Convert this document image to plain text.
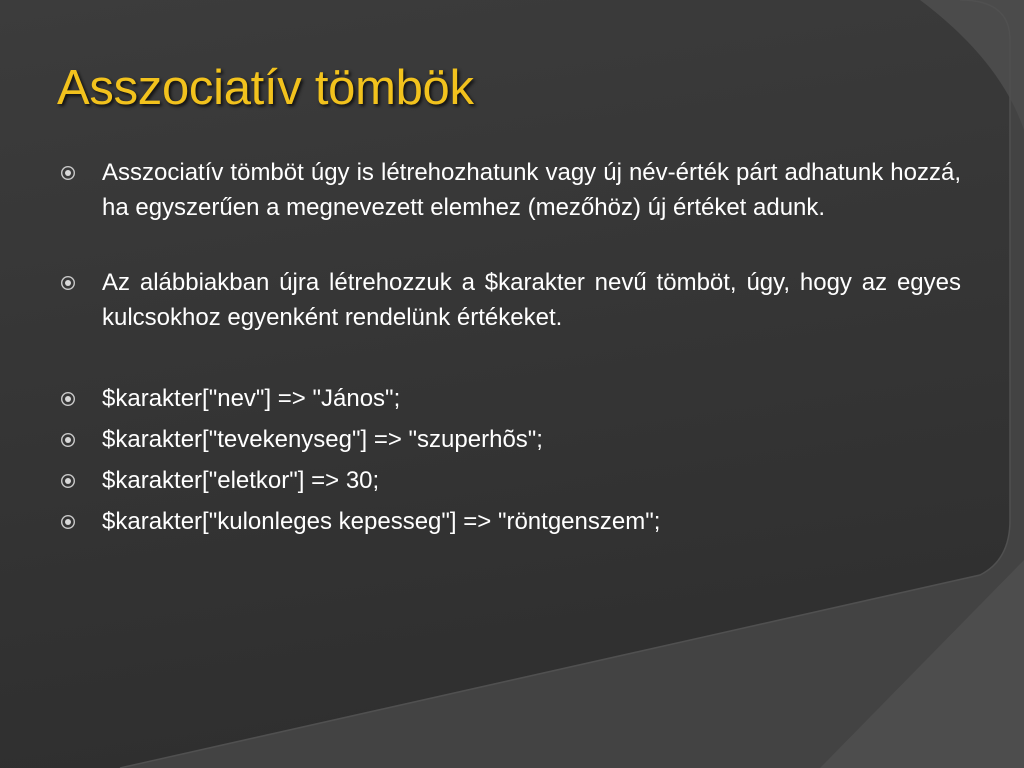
Asszociatív tömbök
Asszociatív tömböt úgy is létrehozhatunk vagy új név-érték párt adhatunk hozzá, ha egyszerűen a megnevezett elemhez (mezőhöz) új értéket adunk.
Az alábbiakban újra létrehozzuk a $karakter nevű tömböt, úgy, hogy az egyes kulcsokhoz egyenként rendelünk értékeket.
$karakter["nev"] => "János";
$karakter["tevekenyseg"] => "szuperhõs";
$karakter["eletkor"] => 30;
$karakter["kulonleges kepesseg"] => "röntgenszem";
